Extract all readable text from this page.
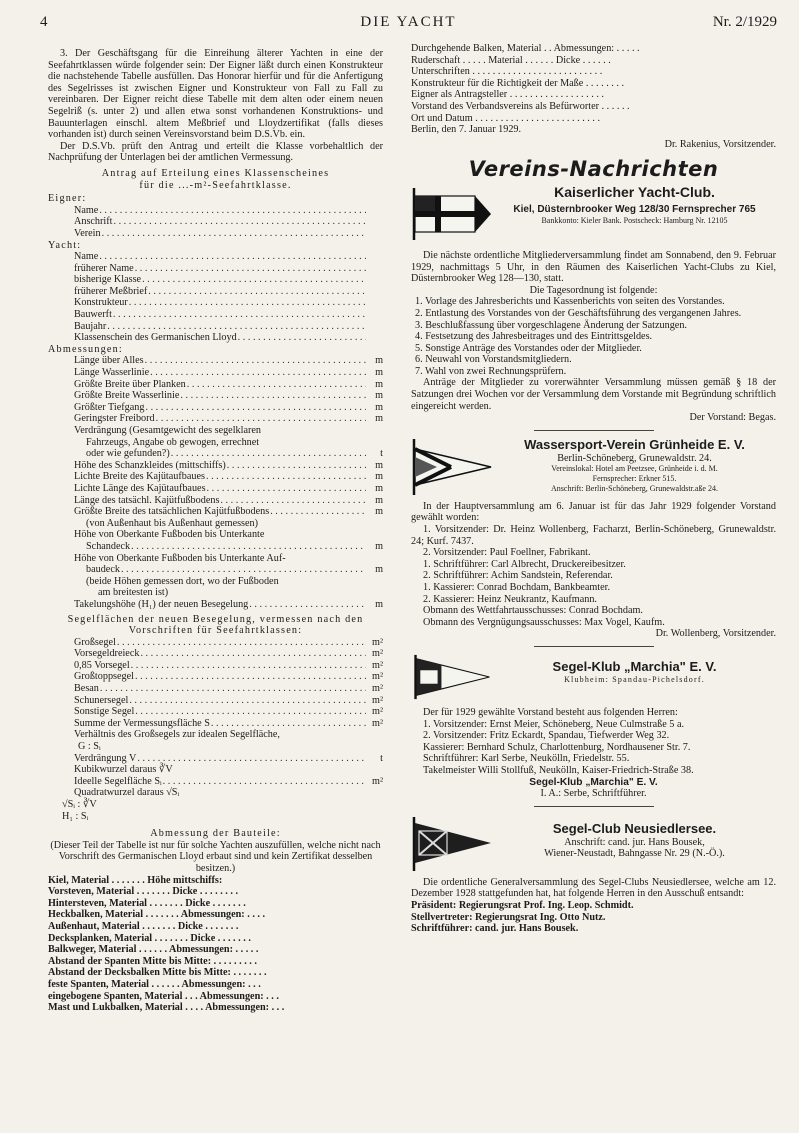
4	DIE YACHT	Nr. 2/1929

3. Der Geschäftsgang für die Einreihung älterer Yachten in eine der Seefahrtklassen würde folgender sein: Der Eigner läßt durch einen Konstrukteur die nachstehende Tabelle ausfüllen. Das Honorar hierfür und für die Anfertigung des Segelrisses ist zwischen Eigner und Konstrukteur von Fall zu Fall zu vereinbaren. Der Eigner reicht diese Tabelle mit dem alten oder einem neuen Segelriß (s. unter 2) und allen etwa sonst vorhandenen Konstruktions- und Bauunterlagen einschl. altem Meßbrief und Lloydzertifikat (falls dieses vorhanden ist) durch seinen Vereinsvorstand beim D.S.Vb. ein.

Der D.S.Vb. prüft den Antrag und erteilt die Klasse vorbehaltlich der Nachprüfung der Unterlagen bei der amtlichen Vermessung.

Antrag auf Erteilung eines Klassenscheines

für die ...-m²-Seefahrtklasse.

Eigner:

Name
. . .
Anschrift
. . .
Verein
. . .

Yacht:

Name
. . .
früherer Name
. . .
bisherige Klasse
. . .
früherer Meßbrief
. . .
Konstrukteur
. . .
Bauwerft
. . .
Baujahr
. . .
Klassenschein des Germanischen Lloyd
. . .

Abmessungen:

Länge über Alles . . .	m
Länge Wasserlinie . . .	m
Größte Breite über Planken . . .	m
Größte Breite Wasserlinie . . .	m
Größter Tiefgang . . .	m
Geringster Freibord . . .	m
Verdrängung (Gesamtgewicht des segelklaren
Fahrzeugs, Angabe ob gewogen, errechnet
oder wie gefunden?) . . .	t
Höhe des Schanzkleides (mittschiffs) . . .	m
Lichte Breite des Kajütaufbaues . . .	m
Lichte Länge des Kajütaufbaues . . .	m
Länge des tatsächl. Kajütfußbodens . . .	m
Größte Breite des tatsächlichen Kajütfußbodens . . .	m
(von Außenhaut bis Außenhaut gemessen)
Höhe von Oberkante Fußboden bis Unterkante
Schandeck . . .	m
Höhe von Oberkante Fußboden bis Unterkante Auf-
baudeck . . .	m
(beide Höhen gemessen dort, wo der Fußboden
am breitesten ist)
Takelungshöhe (H₁) der neuen Besegelung . . .	m

Segelflächen der neuen Besegelung, vermessen nach den Vorschriften für Seefahrtklassen:

Großsegel . . .	m²
Vorsegeldreieck . . .	m²
0,85 Vorsegel . . .	m²
Großtoppsegel . . .	m²
Besan . . .	m²
Schunersegel . . .	m²
Sonstige Segel . . .	m²
Summe der Vermessungsfläche S . . .	m²
Verhältnis des Großsegels zur idealen Segelfläche,
G : Sᵢ
Verdrängung V . . .	t
Kubikwurzel daraus ∛V
Ideelle Segelfläche Sᵢ . . .	m²
Quadratwurzel daraus √Sᵢ
√Sᵢ : ∛V
H₁ : Sᵢ

Abmessung der Bauteile:

(Dieser Teil der Tabelle ist nur für solche Yachten auszufüllen, welche nicht nach Vorschrift des Germanischen Lloyd erbaut sind und kein Zertifikat desselben besitzen.)

Kiel, Material . . . . . . . Höhe mittschiffs:

Vorsteven, Material . . . . . . . Dicke . . . . . . . .

Hintersteven, Material . . . . . . . Dicke . . . . . . .

Heckbalken, Material . . . . . . . Abmessungen: . . . .

Außenhaut, Material . . . . . . . Dicke . . . . . . .

Decksplanken, Material . . . . . . . Dicke . . . . . . .

Balkweger, Material . . . . . . Abmessungen: . . . . .

Abstand der Spanten Mitte bis Mitte: . . . . . . . . .

Abstand der Decksbalken Mitte bis Mitte: . . . . . . .

feste Spanten, Material . . . . . . Abmessungen: . . .

eingebogene Spanten, Material . . . Abmessungen: . . .

Mast und Lukbalken, Material . . . . Abmessungen: . . .

Durchgehende Balken, Material . . Abmessungen: . . . . .

Ruderschaft . . . . . Material . . . . . . Dicke . . . . . .

Unterschriften . . . . . . . . . . . . . . . . . . . . . . . . . .

Konstrukteur für die Richtigkeit der Maße . . . . . . . .

Eigner als Antragsteller . . . . . . . . . . . . . . . . . . .

Vorstand des Verbandsvereins als Befürworter . . . . . .

Ort und Datum . . . . . . . . . . . . . . . . . . . . . . . . .

Berlin, den 7. Januar 1929.

Dr. Rakenius, Vorsitzender.

Vereins-Nachrichten
Kaiserlicher Yacht-Club.
Kiel, Düsternbrooker Weg 128/30 Fernsprecher 765
Bankkonto: Kieler Bank. Postscheck: Hamburg Nr. 12105

Die nächste ordentliche Mitgliederversammlung findet am Sonnabend, den 9. Februar 1929, nachmittags 5 Uhr, in den Räumen des Kaiserlichen Yacht-Clubs zu Kiel, Düsternbrooker Weg 128—130, statt.

Die Tagesordnung ist folgende:

1. Vorlage des Jahresberichts und Kassenberichts von seiten des Vorstandes.

2. Entlastung des Vorstandes von der Geschäftsführung des vergangenen Jahres.

3. Beschlußfassung über vorgeschlagene Änderung der Satzungen.

4. Festsetzung des Jahresbeitrages und des Eintrittsgeldes.

5. Sonstige Anträge des Vorstandes oder der Mitglieder.

6. Neuwahl von Vorstandsmitgliedern.

7. Wahl von zwei Rechnungsprüfern.

Anträge der Mitglieder zu vorerwähnter Versammlung müssen gemäß § 18 der Satzungen drei Wochen vor der Versammlung dem Vorstande mit Begründung schriftlich eingereicht werden.

Der Vorstand: Begas.

Wassersport-Verein Grünheide E. V.
Berlin-Schöneberg, Grunewaldstr. 24.
Vereinslokal: Hotel am Peetzsee, Grünheide i. d. M.
Fernsprecher: Erkner 515.
Anschrift: Berlin-Schöneberg, Grunewaldstr.aße 24.

In der Hauptversammlung am 6. Januar ist für das Jahr 1929 folgender Vorstand gewählt worden:

1. Vorsitzender: Dr. Heinz Wollenberg, Facharzt, Berlin-Schöneberg, Grunewaldstr. 24; Kurf. 7437.

2. Vorsitzender: Paul Foellner, Fabrikant.

1. Schriftführer: Carl Albrecht, Druckereibesitzer.

2. Schriftführer: Achim Sandstein, Referendar.

1. Kassierer: Conrad Bochdam, Bankbeamter.

2. Kassierer: Heinz Neukrantz, Kaufmann.

Obmann des Wettfahrtausschusses: Conrad Bochdam.

Obmann des Vergnügungsausschusses: Max Vogel, Kaufm.

Dr. Wollenberg, Vorsitzender.

Segel-Klub „Marchia" E. V.
Klubheim: Spandau-Pichelsdorf.

Der für 1929 gewählte Vorstand besteht aus folgenden Herren:

1. Vorsitzender: Ernst Meier, Schöneberg, Neue Culmstraße 5 a.

2. Vorsitzender: Fritz Eckardt, Spandau, Tiefwerder Weg 32.

Kassierer: Bernhard Schulz, Charlottenburg, Nordhausener Str. 7.

Schriftführer: Karl Serbe, Neukölln, Friedelstr. 55.

Takelmeister Willi Stollfuß, Neukölln, Kaiser-Friedrich-Straße 38.

Segel-Klub „Marchia" E. V.

I. A.: Serbe, Schriftführer.

Segel-Club Neusiedlersee.
Anschrift: cand. jur. Hans Bousek,
Wiener-Neustadt, Bahngasse Nr. 29 (N.-Ö.).

Die ordentliche Generalversammlung des Segel-Clubs Neusiedlersee, welche am 12. Dezember 1928 stattgefunden hat, hat folgende Herren in den Ausschuß entsandt:

Präsident: Regierungsrat Prof. Ing. Leop. Schmidt.

Stellvertreter: Regierungsrat Ing. Otto Nutz.

Schriftführer: cand. jur. Hans Bousek.
